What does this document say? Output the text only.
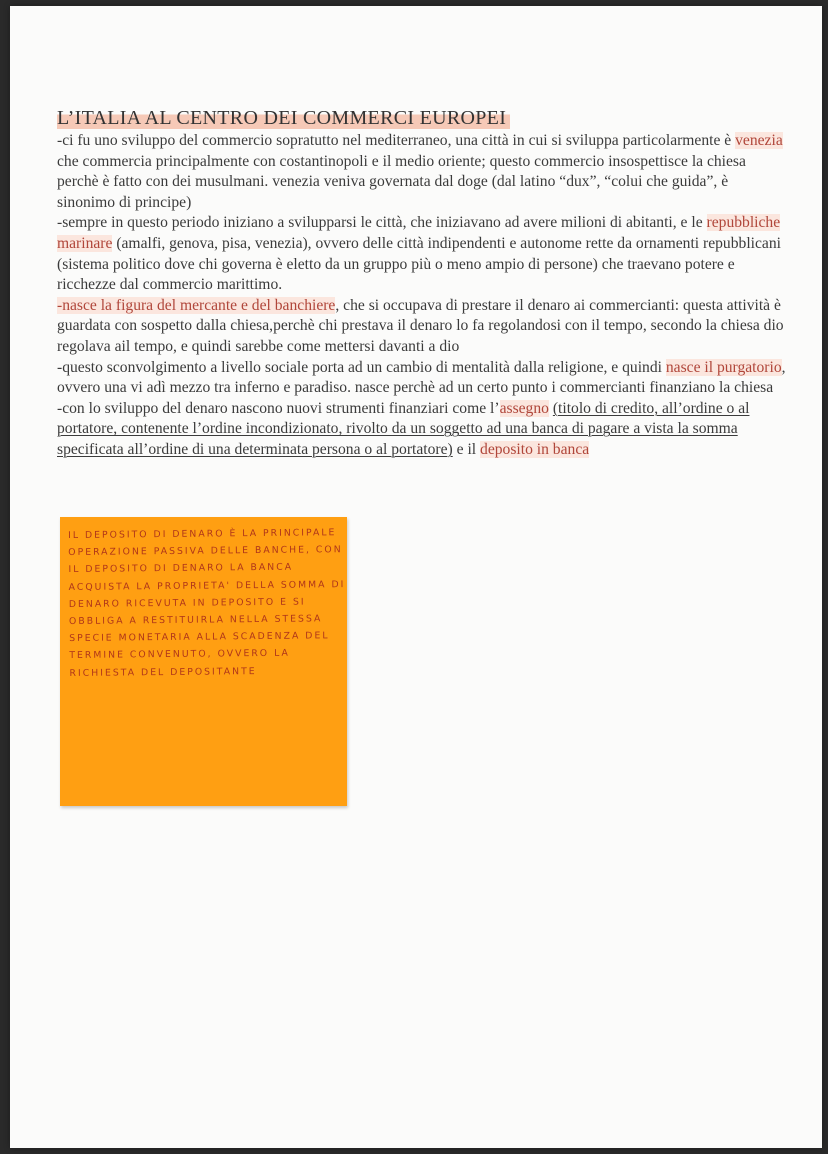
L’ITALIA AL CENTRO DEI COMMERCI EUROPEI

-ci fu uno sviluppo del commercio sopratutto nel mediterraneo, una città in cui si sviluppa particolarmente è venezia che commercia principalmente con costantinopoli e il medio oriente; questo commercio insospettisce la chiesa perchè è fatto con dei musulmani. venezia veniva governata dal doge (dal latino “dux”, “colui che guida”, è sinonimo di principe)

-sempre in questo periodo iniziano a svilupparsi le città, che iniziavano ad avere milioni di abitanti, e le repubbliche marinare (amalfi, genova, pisa, venezia), ovvero delle città indipendenti e autonome rette da ornamenti repubblicani (sistema politico dove chi governa è eletto da un gruppo più o meno ampio di persone) che traevano potere e ricchezze dal commercio marittimo.

-nasce la figura del mercante e del banchiere, che si occupava di prestare il denaro ai commercianti: questa attività è guardata con sospetto dalla chiesa,perchè chi prestava il denaro lo fa regolandosi con il tempo, secondo la chiesa dio regolava ail tempo, e quindi sarebbe come mettersi davanti a dio

-questo sconvolgimento a livello sociale porta ad un cambio di mentalità dalla religione, e quindi nasce il purgatorio, ovvero una vi adì mezzo tra inferno e paradiso. nasce perchè ad un certo punto i commercianti finanziano la chiesa

-con lo sviluppo del denaro nascono nuovi strumenti finanziari come l’assegno (titolo di credito, all’ordine o al portatore, contenente l’ordine incondizionato, rivolto da un soggetto ad una banca di pagare a vista la somma specificata all’ordine di una determinata persona o al portatore) e il deposito in banca

IL DEPOSITO DI DENARO È LA PRINCIPALE OPERAZIONE PASSIVA DELLE BANCHE, CON IL DEPOSITO DI DENARO LA BANCA ACQUISTA LA PROPRIETA' DELLA SOMMA DI DENARO RICEVUTA IN DEPOSITO E SI OBBLIGA A RESTITUIRLA NELLA STESSA SPECIE MONETARIA ALLA SCADENZA DEL TERMINE CONVENUTO, OVVERO LA RICHIESTA DEL DEPOSITANTE
